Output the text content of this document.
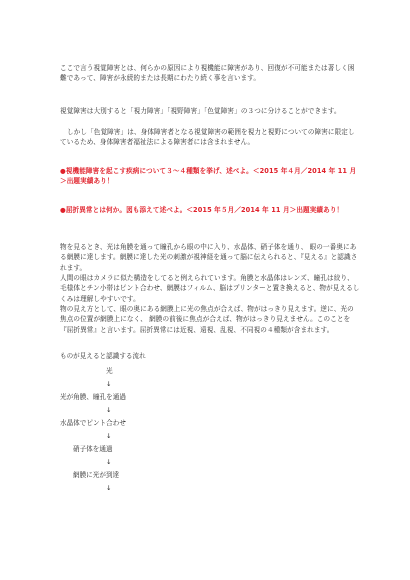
ここで言う視覚障害とは、何らかの原因により視機能に障害があり、回復が不可能または著しく困難であって、障害が永続的または長期にわたり続く事を言います。
視覚障害は大別すると「視力障害」「視野障害」「色覚障害」の３つに分けることができます。
しかし「色覚障害」は、身体障害者となる視覚障害の範囲を視力と視野についての障害に限定しているため、身体障害者福祉法による障害者には含まれません。
●視機能障害を起こす疾病について３～４種類を挙げ、述べよ。＜2015 年４月／2014 年 11 月＞出題実績あり！
●屈折異常とは何か。図も添えて述べよ。＜2015 年５月／2014 年 11 月＞出題実績あり！
物を見るとき、光は角膜を通って瞳孔から眼の中に入り、水晶体、硝子体を通り、 眼の一番奥にある網膜に達します。網膜に達した光の刺激が視神経を通って脳に伝えられると、『見える』と認識されます。
人間の眼はカメラに似た構造をしてると例えられています。角膜と水晶体はレンズ、瞳孔は絞り、 毛様体とチン小帯はピント合わせ、網膜はフィルム、脳はプリンターと置き換えると、物が見えるしくみは理解しやすいです。
物の見え方として、眼の奥にある網膜上に光の焦点が合えば、物がはっきり見えます。逆に、光の焦点の位置が網膜上になく、 網膜の前後に焦点が合えば、物がはっきり見えません。このことを『屈折異常』と言います。屈折異常には近視、遠視、乱視、不同視の４種類が含まれます。
ものが見えると認識する流れ
光
↓
光が角膜、瞳孔を通過
↓
水晶体でピント合わせ
↓
硝子体を通過
↓
網膜に光が到達
↓
